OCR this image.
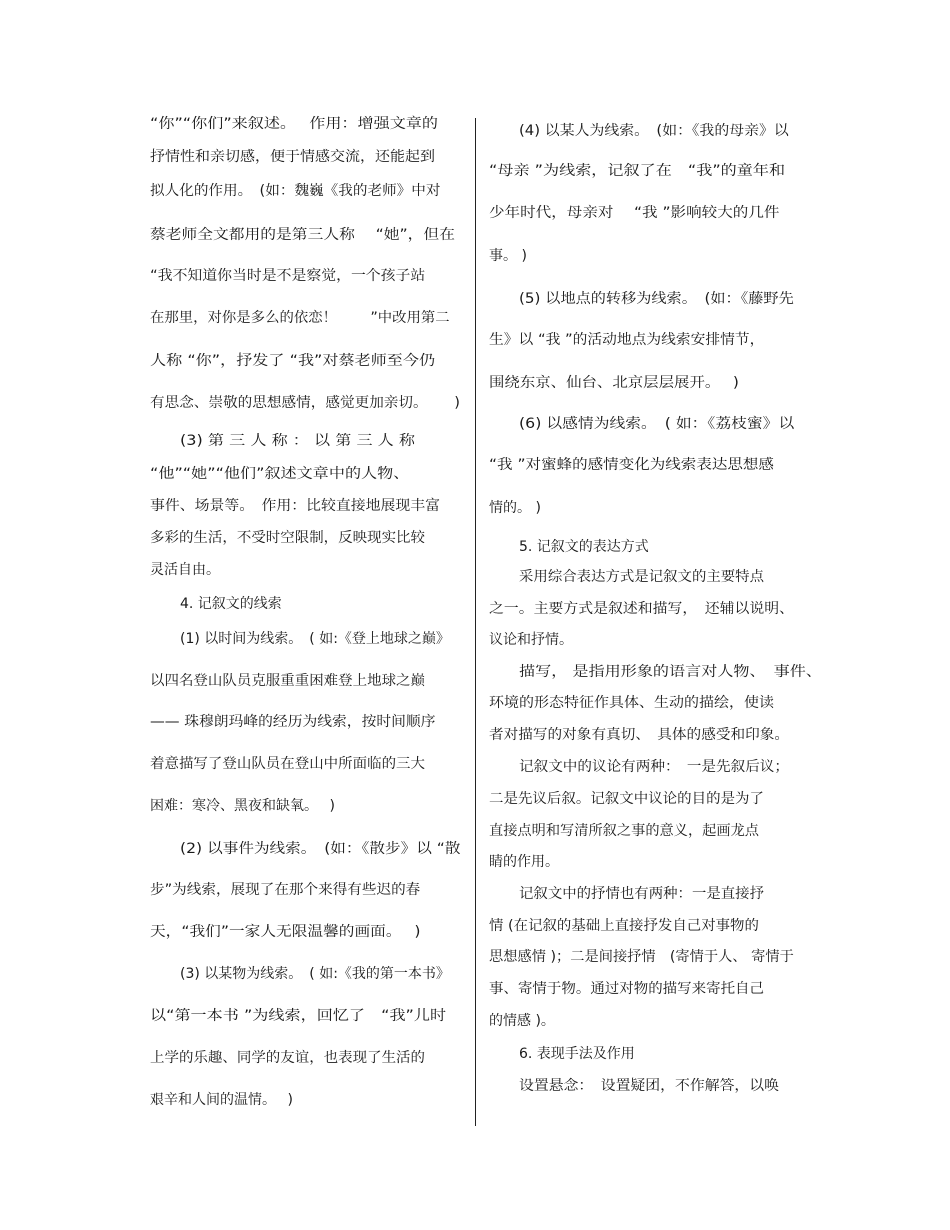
“你”“你们”来叙述。　 作用：增强文章的
抒情性和亲切感，便于情感交流，还能起到
拟人化的作用。　(如：魏巍《我的老师》中对
蔡老师全文都用的是第三人称　 “她”，但在
“我不知道你当时是不是察觉，一个孩子站
在那里，对你是多么的依恋！　　 ”中改用第二
人称 “你”，抒发了 “我”对蔡老师至今仍
有思念、崇敬的思想感情，感觉更加亲切。　　 )
(3) 第 三 人 称 ： 以 第 三 人 称
“他”“她”“他们”叙述文章中的人物、
事件、场景等。　作用：比较直接地展现丰富
多彩的生活，不受时空限制，反映现实比较
灵活自由。
4. 记叙文的线索
(1) 以时间为线索。　( 如:《登上地球之巅》
以四名登山队员克服重重困难登上地球之巅
—— 珠穆朗玛峰的经历为线索，按时间顺序
着意描写了登山队员在登山中所面临的三大
困难：寒冷、黑夜和缺氧。　 )
(2) 以事件为线索。　(如：《散步》以 “散
步”为线索，展现了在那个来得有些迟的春
天，“我们”一家人无限温馨的画面。　 )
(3) 以某物为线索。　( 如:《我的第一本书》
以“第一本书 ”为线索，回忆了　“我”儿时
上学的乐趣、同学的友谊，也表现了生活的
艰辛和人间的温情。　 )
(4) 以某人为线索。　(如：《我的母亲》以
“母亲 ”为线索，记叙了在　“我”的童年和
少年时代，母亲对　 “我 ”影响较大的几件
事。 )
(5) 以地点的转移为线索。　(如：《藤野先
生》以 “我 ”的活动地点为线索安排情节，
围绕东京、仙台、北京层层展开。　 )
(6) 以感情为线索。　( 如：《荔枝蜜》以
“我 ”对蜜蜂的感情变化为线索表达思想感
情的。 )
5. 记叙文的表达方式
采用综合表达方式是记叙文的主要特点
之一。主要方式是叙述和描写，　还辅以说明、
议论和抒情。
描写， 是指用形象的语言对人物、　事件、
环境的形态特征作具体、生动的描绘，使读
者对描写的对象有真切、　具体的感受和印象。
记叙文中的议论有两种：　一是先叙后议；
二是先议后叙。记叙文中议论的目的是为了
直接点明和写清所叙之事的意义，起画龙点
睛的作用。
记叙文中的抒情也有两种：一是直接抒
情 (在记叙的基础上直接抒发自己对事物的
思想感情 )；二是间接抒情　(寄情于人、 寄情于
事、寄情于物。通过对物的描写来寄托自己
的情感 )。
6. 表现手法及作用
设置悬念：　设置疑团，不作解答，以唤
